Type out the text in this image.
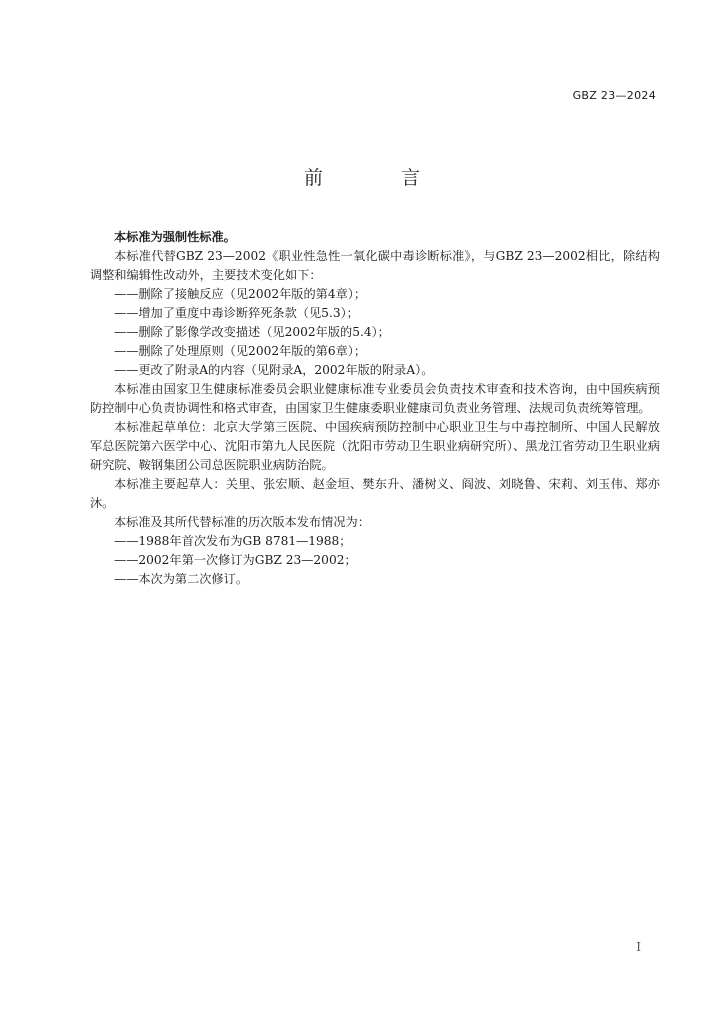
GBZ 23—2024
前 言

本标准为强制性标准。

本标准代替GBZ 23—2002《职业性急性一氧化碳中毒诊断标准》，与GBZ 23—2002相比，除结构调整和编辑性改动外，主要技术变化如下：

——删除了接触反应（见2002年版的第4章）；

——增加了重度中毒诊断猝死条款（见5.3）；

——删除了影像学改变描述（见2002年版的5.4）；

——删除了处理原则（见2002年版的第6章）；

——更改了附录A的内容（见附录A，2002年版的附录A）。

本标准由国家卫生健康标准委员会职业健康标准专业委员会负责技术审查和技术咨询，由中国疾病预防控制中心负责协调性和格式审查，由国家卫生健康委职业健康司负责业务管理、法规司负责统筹管理。

本标准起草单位：北京大学第三医院、中国疾病预防控制中心职业卫生与中毒控制所、中国人民解放军总医院第六医学中心、沈阳市第九人民医院（沈阳市劳动卫生职业病研究所）、黑龙江省劳动卫生职业病研究院、鞍钢集团公司总医院职业病防治院。

本标准主要起草人：关里、张宏顺、赵金垣、樊东升、潘树义、阎波、刘晓鲁、宋莉、刘玉伟、郑亦沐。

本标准及其所代替标准的历次版本发布情况为：

——1988年首次发布为GB 8781—1988；

——2002年第一次修订为GBZ 23—2002；

——本次为第二次修订。

I
